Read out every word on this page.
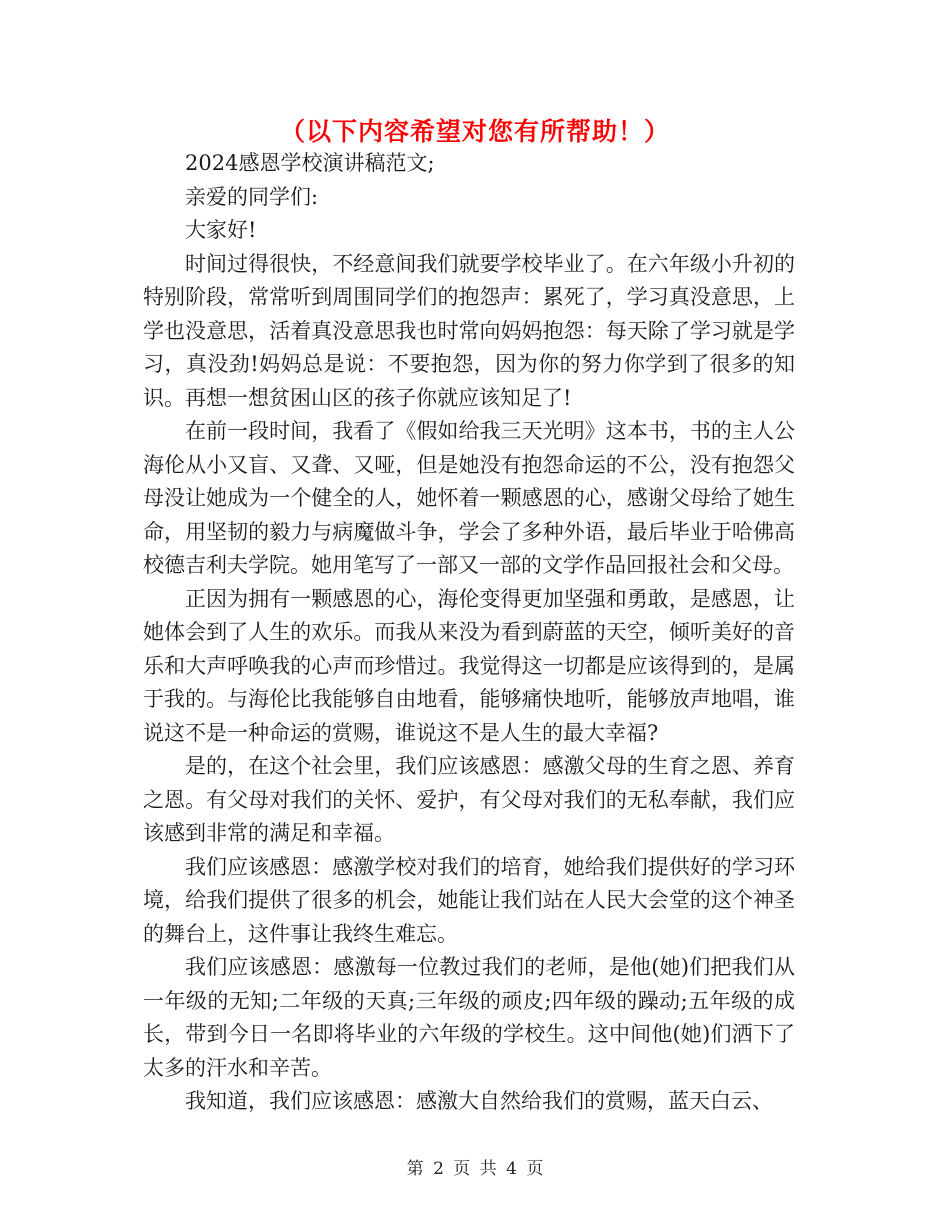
（以下内容希望对您有所帮助！）

2024感恩学校演讲稿范文;

亲爱的同学们:

大家好!

时间过得很快，不经意间我们就要学校毕业了。在六年级小升初的特别阶段，常常听到周围同学们的抱怨声：累死了，学习真没意思，上学也没意思，活着真没意思我也时常向妈妈抱怨：每天除了学习就是学习，真没劲!妈妈总是说：不要抱怨，因为你的努力你学到了很多的知识。再想一想贫困山区的孩子你就应该知足了!

在前一段时间，我看了《假如给我三天光明》这本书，书的主人公海伦从小又盲、又聋、又哑，但是她没有抱怨命运的不公，没有抱怨父母没让她成为一个健全的人，她怀着一颗感恩的心，感谢父母给了她生命，用坚韧的毅力与病魔做斗争，学会了多种外语，最后毕业于哈佛高校德吉利夫学院。她用笔写了一部又一部的文学作品回报社会和父母。

正因为拥有一颗感恩的心，海伦变得更加坚强和勇敢，是感恩，让她体会到了人生的欢乐。而我从来没为看到蔚蓝的天空，倾听美好的音乐和大声呼唤我的心声而珍惜过。我觉得这一切都是应该得到的，是属于我的。与海伦比我能够自由地看，能够痛快地听，能够放声地唱，谁说这不是一种命运的赏赐，谁说这不是人生的最大幸福?

是的，在这个社会里，我们应该感恩：感激父母的生育之恩、养育之恩。有父母对我们的关怀、爱护，有父母对我们的无私奉献，我们应该感到非常的满足和幸福。

我们应该感恩：感激学校对我们的培育，她给我们提供好的学习环境，给我们提供了很多的机会，她能让我们站在人民大会堂的这个神圣的舞台上，这件事让我终生难忘。

我们应该感恩：感激每一位教过我们的老师，是他(她)们把我们从一年级的无知;二年级的天真;三年级的顽皮;四年级的躁动;五年级的成长，带到今日一名即将毕业的六年级的学校生。这中间他(她)们洒下了太多的汗水和辛苦。

我知道，我们应该感恩：感激大自然给我们的赏赐，蓝天白云、

第 2 页 共 4 页
